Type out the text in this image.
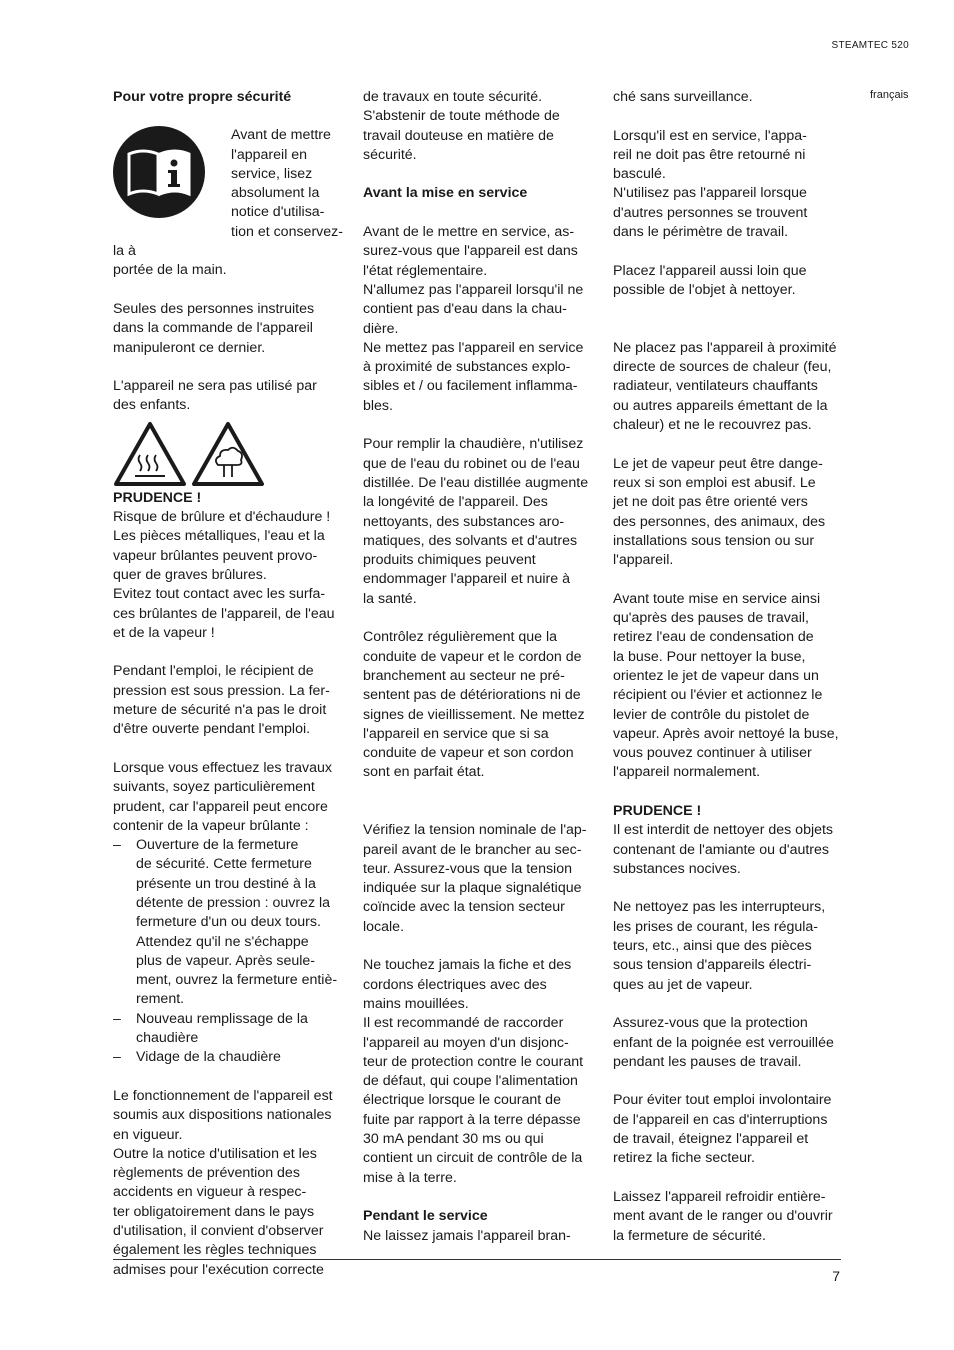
STEAMTEC 520
français

Pour votre propre sécurité

Avant de mettre
l'appareil en
service, lisez
absolument la
notice d'utilisa-
tion et conservez-la à
portée de la main.

Seules des personnes instruites
dans la commande de l'appareil
manipuleront ce dernier.

L'appareil ne sera pas utilisé par
des enfants.

PRUDENCE !

Risque de brûlure et d'échaudure !
Les pièces métalliques, l'eau et la
vapeur brûlantes peuvent provo-
quer de graves brûlures.
Evitez tout contact avec les surfa-
ces brûlantes de l'appareil, de l'eau
et de la vapeur !

Pendant l'emploi, le récipient de
pression est sous pression. La fer-
meture de sécurité n'a pas le droit
d'être ouverte pendant l'emploi.

Lorsque vous effectuez les travaux
suivants, soyez particulièrement
prudent, car l'appareil peut encore
contenir de la vapeur brûlante :

– Ouverture de la fermeture
de sécurité. Cette fermeture
présente un trou destiné à la
détente de pression : ouvrez la
fermeture d'un ou deux tours.
Attendez qu'il ne s'échappe
plus de vapeur. Après seule-
ment, ouvrez la fermeture entiè-
rement.
– Nouveau remplissage de la
chaudière
– Vidage de la chaudière

Le fonctionnement de l'appareil est
soumis aux dispositions nationales
en vigueur.
Outre la notice d'utilisation et les
règlements de prévention des
accidents en vigueur à respec-
ter obligatoirement dans le pays
d'utilisation, il convient d'observer
également les règles techniques
admises pour l'exécution correcte

de travaux en toute sécurité.
S'abstenir de toute méthode de
travail douteuse en matière de
sécurité.

Avant la mise en service

Avant de le mettre en service, as-
surez-vous que l'appareil est dans
l'état réglementaire.
N'allumez pas l'appareil lorsqu'il ne
contient pas d'eau dans la chau-
dière.
Ne mettez pas l'appareil en service
à proximité de substances explo-
sibles et / ou facilement inflamma-
bles.

Pour remplir la chaudière, n'utilisez
que de l'eau du robinet ou de l'eau
distillée. De l'eau distillée augmente
la longévité de l'appareil. Des
nettoyants, des substances aro-
matiques, des solvants et d'autres
produits chimiques peuvent
endommager l'appareil et nuire à
la santé.

Contrôlez régulièrement que la
conduite de vapeur et le cordon de
branchement au secteur ne pré-
sentent pas de détériorations ni de
signes de vieillissement. Ne mettez
l'appareil en service que si sa
conduite de vapeur et son cordon
sont en parfait état.

Vérifiez la tension nominale de l'ap-
pareil avant de le brancher au sec-
teur. Assurez-vous que la tension
indiquée sur la plaque signalétique
coïncide avec la tension secteur
locale.

Ne touchez jamais la fiche et des
cordons électriques avec des
mains mouillées.
Il est recommandé de raccorder
l'appareil au moyen d'un disjonc-
teur de protection contre le courant
de défaut, qui coupe l'alimentation
électrique lorsque le courant de
fuite par rapport à la terre dépasse
30 mA pendant 30 ms ou qui
contient un circuit de contrôle de la
mise à la terre.

Pendant le service

Ne laissez jamais l'appareil bran-

ché sans surveillance.

Lorsqu'il est en service, l'appa-
reil ne doit pas être retourné ni
basculé.
N'utilisez pas l'appareil lorsque
d'autres personnes se trouvent
dans le périmètre de travail.

Placez l'appareil aussi loin que
possible de l'objet à nettoyer.

Ne placez pas l'appareil à proximité
directe de sources de chaleur (feu,
radiateur, ventilateurs chauffants
ou autres appareils émettant de la
chaleur) et ne le recouvrez pas.

Le jet de vapeur peut être dange-
reux si son emploi est abusif. Le
jet ne doit pas être orienté vers
des personnes, des animaux, des
installations sous tension ou sur
l'appareil.

Avant toute mise en service ainsi
qu'après des pauses de travail,
retirez l'eau de condensation de
la buse. Pour nettoyer la buse,
orientez le jet de vapeur dans un
récipient ou l'évier et actionnez le
levier de contrôle du pistolet de
vapeur. Après avoir nettoyé la buse,
vous pouvez continuer à utiliser
l'appareil normalement.

PRUDENCE !

Il est interdit de nettoyer des objets
contenant de l'amiante ou d'autres
substances nocives.

Ne nettoyez pas les interrupteurs,
les prises de courant, les régula-
teurs, etc., ainsi que des pièces
sous tension d'appareils électri-
ques au jet de vapeur.

Assurez-vous que la protection
enfant de la poignée est verrouillée
pendant les pauses de travail.

Pour éviter tout emploi involontaire
de l'appareil en cas d'interruptions
de travail, éteignez l'appareil et
retirez la fiche secteur.

Laissez l'appareil refroidir entière-
ment avant de le ranger ou d'ouvrir
la fermeture de sécurité.

7
